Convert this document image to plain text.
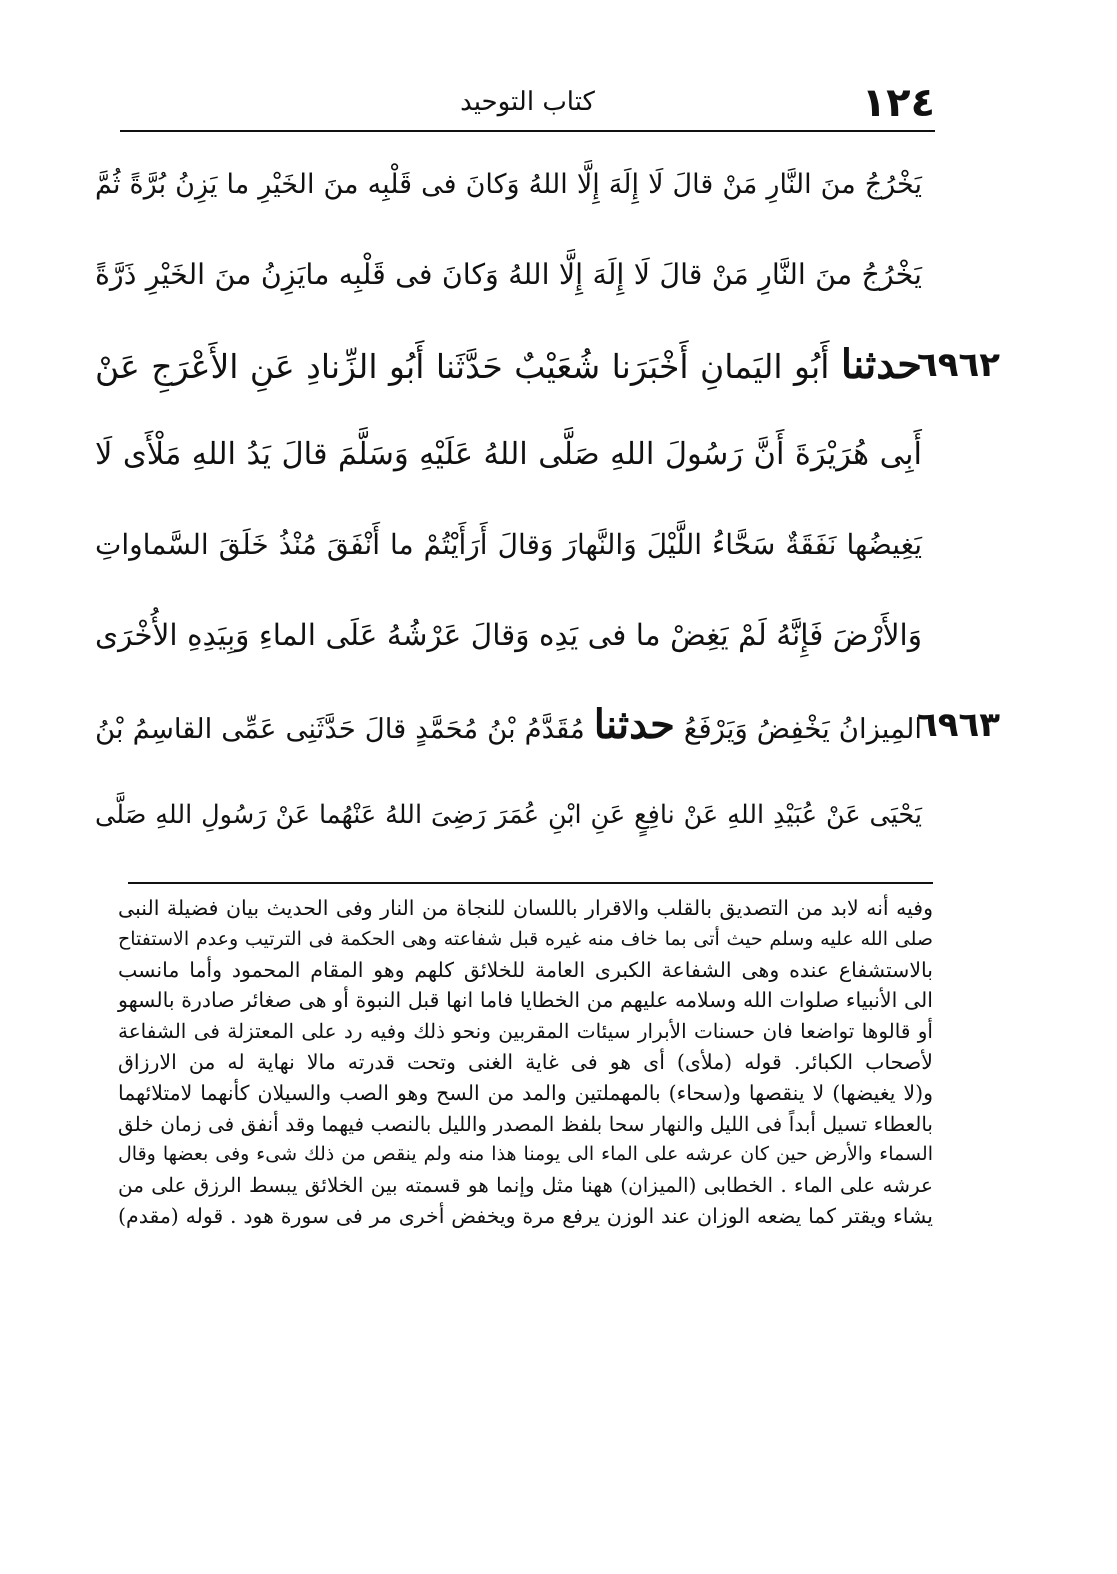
١٢٤
كتاب التوحيد
يَخْرُجُ منَ النَّارِ مَنْ قالَ لَا إِلَهَ إِلَّا اللهُ وَكانَ فى قَلْبِه منَ الخَيْرِ ما يَزِنُ بُرَّةً ثُمَّ
يَخْرُجُ منَ النَّارِ مَنْ قالَ لَا إِلَهَ إِلَّا اللهُ وَكانَ فى قَلْبِه مايَزِنُ منَ الخَيْرِ ذَرَّةً
٦٩٦٢
حدثنا أَبُو اليَمانِ أَخْبَرَنا شُعَيْبٌ حَدَّثَنا أَبُو الزِّنادِ عَنِ الأَعْرَجِ عَنْ
أَبِى هُرَيْرَةَ أَنَّ رَسُولَ اللهِ صَلَّى اللهُ عَلَيْهِ وَسَلَّمَ قالَ يَدُ اللهِ مَلْأَى لَا
يَغِيضُها نَفَقَةٌ سَحَّاءُ اللَّيْلَ وَالنَّهارَ وَقالَ أَرَأَيْتُمْ ما أَنْفَقَ مُنْذُ خَلَقَ السَّماواتِ
وَالأَرْضَ فَإِنَّهُ لَمْ يَغِضْ ما فى يَدِه وَقالَ عَرْشُهُ عَلَى الماءِ وَبِيَدِهِ الأُخْرَى
٦٩٦٣
المِيزانُ يَخْفِضُ وَيَرْفَعُ حدثنا مُقَدَّمُ بْنُ مُحَمَّدٍ قالَ حَدَّثَنِى عَمِّى القاسِمُ بْنُ
يَحْيَى عَنْ عُبَيْدِ اللهِ عَنْ نافِعٍ عَنِ ابْنِ عُمَرَ رَضِىَ اللهُ عَنْهُما عَنْ رَسُولِ اللهِ صَلَّى
وفيه أنه لابد من التصديق بالقلب والاقرار باللسان للنجاة من النار وفى الحديث بيان فضيلة النبى
صلى الله عليه وسلم حيث أتى بما خاف منه غيره قبل شفاعته وهى الحكمة فى الترتيب وعدم الاستفتاح
بالاستشفاع عنده وهى الشفاعة الكبرى العامة للخلائق كلهم وهو المقام المحمود وأما مانسب
الى الأنبياء صلوات الله وسلامه عليهم من الخطايا فاما انها قبل النبوة أو هى صغائر صادرة بالسهو
أو قالوها تواضعا فان حسنات الأبرار سيئات المقربين ونحو ذلك وفيه رد على المعتزلة فى الشفاعة
لأصحاب الكبائر. قوله (ملأى) أى هو فى غاية الغنى وتحت قدرته مالا نهاية له من الارزاق
و(لا يغيضها) لا ينقصها و(سحاء) بالمهملتين والمد من السح وهو الصب والسيلان كأنهما لامتلائهما
بالعطاء تسيل أبداً فى الليل والنهار سحا بلفظ المصدر والليل بالنصب فيهما وقد أنفق فى زمان خلق
السماء والأرض حين كان عرشه على الماء الى يومنا هذا منه ولم ينقص من ذلك شىء وفى بعضها وقال
عرشه على الماء . الخطابى (الميزان) ههنا مثل وإنما هو قسمته بين الخلائق يبسط الرزق على من
يشاء ويقتر كما يضعه الوزان عند الوزن يرفع مرة ويخفض أخرى مر فى سورة هود . قوله (مقدم)
